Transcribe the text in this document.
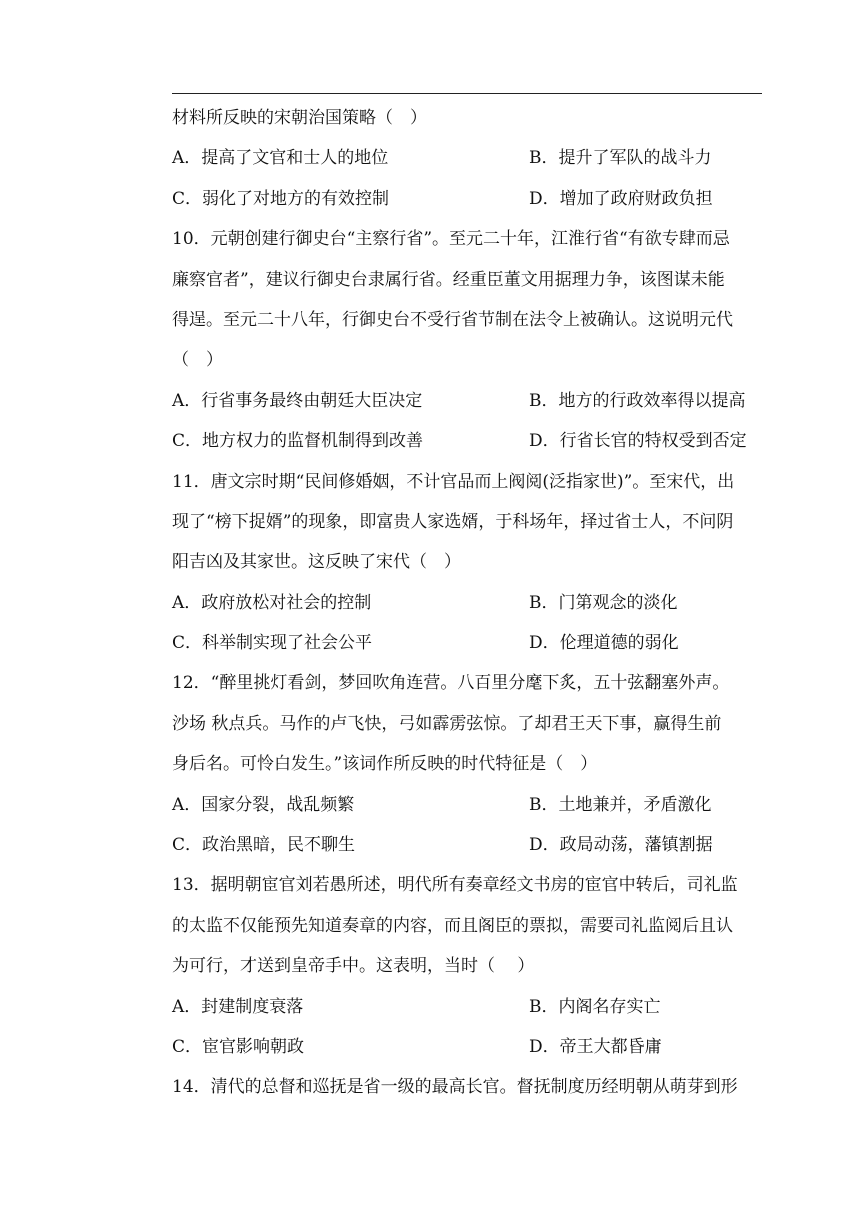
材料所反映的宋朝治国策略（　）
A．提高了文官和士人的地位	B．提升了军队的战斗力
C．弱化了对地方的有效控制	D．增加了政府财政负担
10．元朝创建行御史台“主察行省”。至元二十年，江淮行省“有欲专肆而忌
廉察官者”，建议行御史台隶属行省。经重臣董文用据理力争，该图谋未能
得逞。至元二十八年，行御史台不受行省节制在法令上被确认。这说明元代
（　）
A．行省事务最终由朝廷大臣决定	B．地方的行政效率得以提高
C．地方权力的监督机制得到改善	D．行省长官的特权受到否定
11．唐文宗时期“民间修婚姻，不计官品而上阀阅(泛指家世)”。至宋代，出
现了“榜下捉婿”的现象，即富贵人家选婿，于科场年，择过省士人，不问阴
阳吉凶及其家世。这反映了宋代（　）
A．政府放松对社会的控制	B．门第观念的淡化
C．科举制实现了社会公平	D．伦理道德的弱化
12．“醉里挑灯看剑，梦回吹角连营。八百里分麾下炙，五十弦翻塞外声。
沙场 秋点兵。马作的卢飞快，弓如霹雳弦惊。了却君王天下事，赢得生前
身后名。可怜白发生。”该词作所反映的时代特征是（　）
A．国家分裂，战乱频繁	B．土地兼并，矛盾激化
C．政治黑暗，民不聊生	D．政局动荡，藩镇割据
13．据明朝宦官刘若愚所述，明代所有奏章经文书房的宦官中转后，司礼监
的太监不仅能预先知道奏章的内容，而且阁臣的票拟，需要司礼监阅后且认
为可行，才送到皇帝手中。这表明，当时（　 ）
A．封建制度衰落	B．内阁名存实亡
C．宦官影响朝政	D．帝王大都昏庸
14．清代的总督和巡抚是省一级的最高长官。督抚制度历经明朝从萌芽到形
